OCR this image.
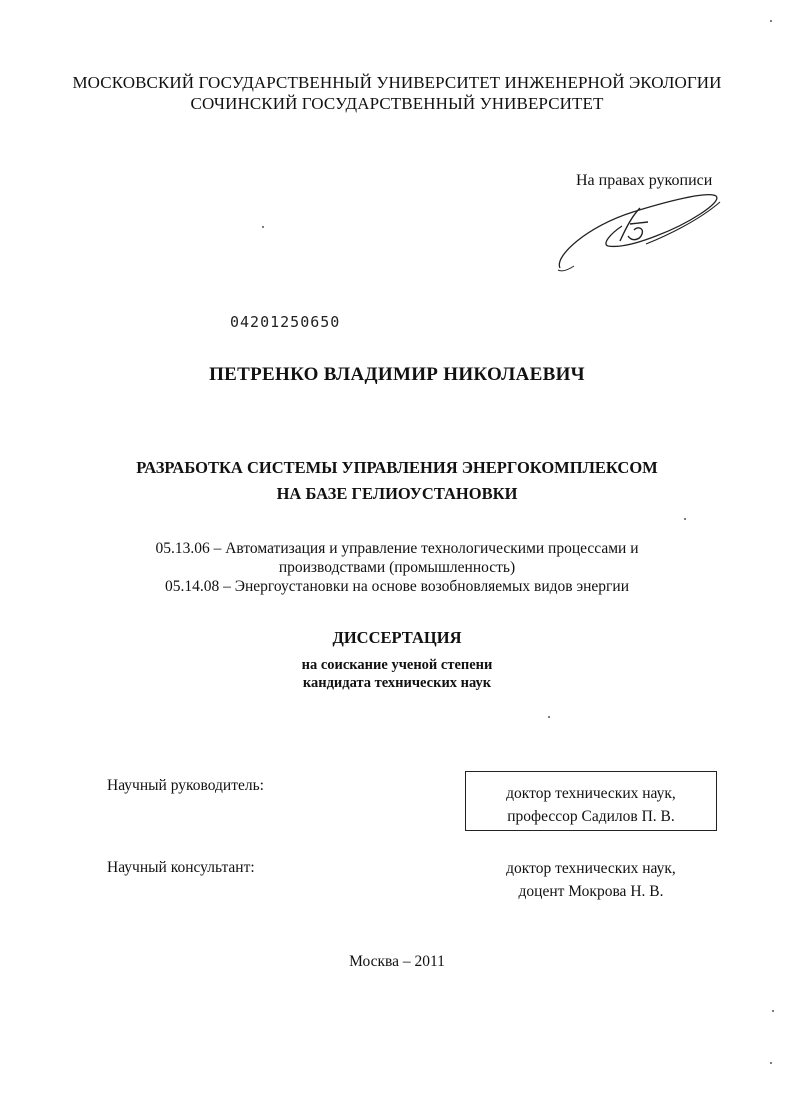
МОСКОВСКИЙ ГОСУДАРСТВЕННЫЙ УНИВЕРСИТЕТ ИНЖЕНЕРНОЙ ЭКОЛОГИИ
СОЧИНСКИЙ ГОСУДАРСТВЕННЫЙ УНИВЕРСИТЕТ
На правах рукописи
04201250650
ПЕТРЕНКО ВЛАДИМИР НИКОЛАЕВИЧ
РАЗРАБОТКА СИСТЕМЫ УПРАВЛЕНИЯ ЭНЕРГОКОМПЛЕКСОМ
НА БАЗЕ ГЕЛИОУСТАНОВКИ
05.13.06 – Автоматизация и управление технологическими процессами и
производствами (промышленность)
05.14.08 – Энергоустановки на основе возобновляемых видов энергии
ДИССЕРТАЦИЯ
на соискание ученой степени
кандидата технических наук
Научный руководитель:	доктор технических наук,
профессор Садилов П. В.
Научный консультант:	доктор технических наук,
доцент Мокрова Н. В.
Москва – 2011
